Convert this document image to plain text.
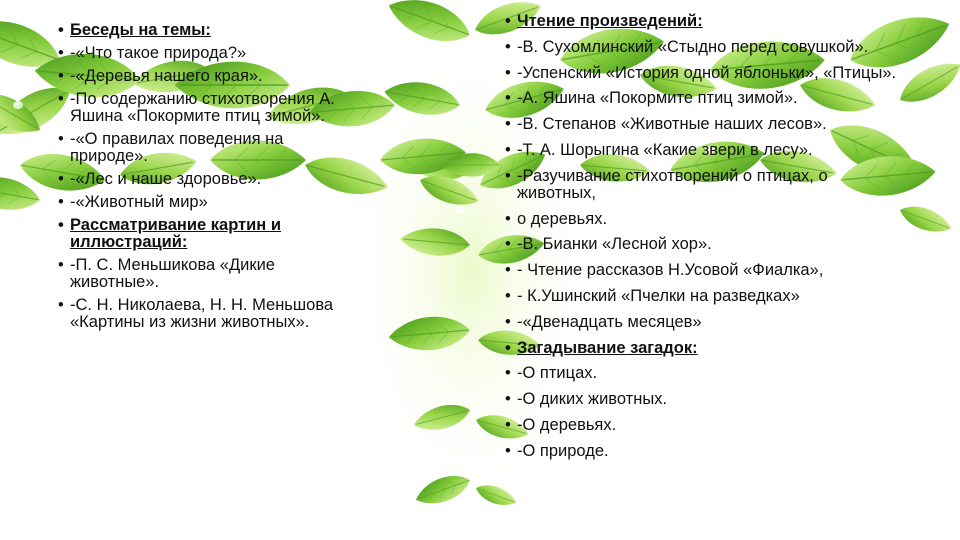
• Беседы на темы:
• -«Что такое природа?»
• -«Деревья нашего края».
• -По содержанию стихотворения А. Яшина «Покормите птиц зимой».
• -«О правилах поведения на природе».
• -«Лес и наше здоровье».
• -«Животный мир»
• Рассматривание картин и иллюстраций:
• -П. С. Меньшикова «Дикие животные».
• -С. Н. Николаева, Н. Н. Меньшова «Картины из жизни животных».
• Чтение произведений:
• -В. Сухомлинский «Стыдно перед совушкой».
• -Успенский «История одной яблоньки», «Птицы».
• -А. Яшина «Покормите птиц зимой».
• -В. Степанов «Животные наших лесов».
• -Т. А. Шорыгина «Какие звери в лесу».
• -Разучивание стихотворений о птицах, о животных,
• о деревьях.
• -В. Бианки «Лесной хор».
• - Чтение рассказов Н.Усовой «Фиалка»,
• - К.Ушинский «Пчелки на разведках»
• -«Двенадцать месяцев»
• Загадывание загадок:
• -О птицах.
• -О диких животных.
• -О деревьях.
• -О природе.
